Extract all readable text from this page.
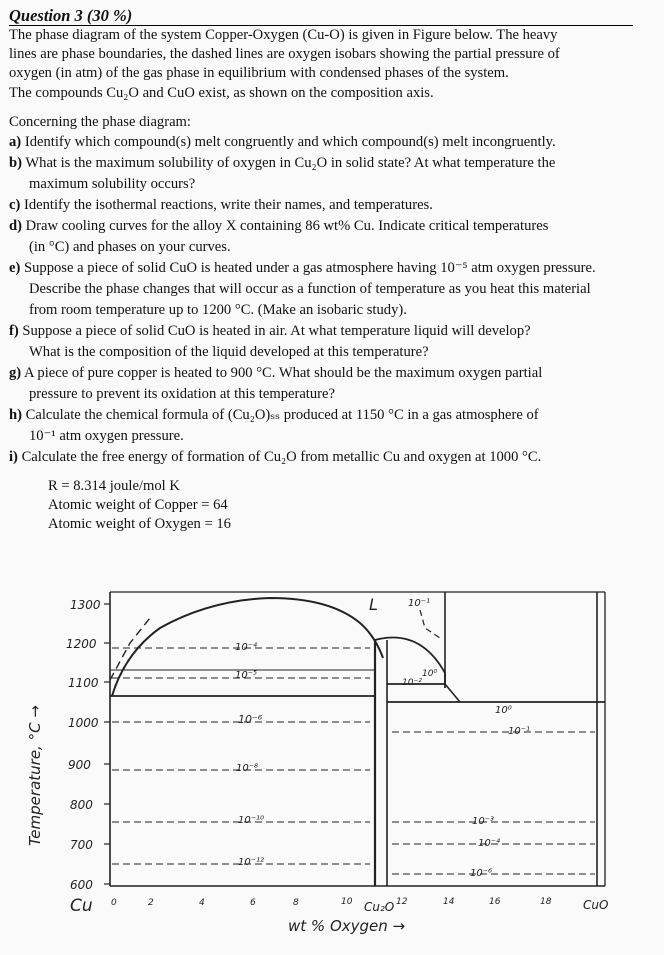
Question 3 (30 %)
The phase diagram of the system Copper-Oxygen (Cu-O) is given in Figure below. The heavy
lines are phase boundaries, the dashed lines are oxygen isobars showing the partial pressure of
oxygen (in atm) of the gas phase in equilibrium with condensed phases of the system.
The compounds Cu₂O and CuO exist, as shown on the composition axis.
Concerning the phase diagram:
a) Identify which compound(s) melt congruently and which compound(s) melt incongruently.
b) What is the maximum solubility of oxygen in Cu₂O in solid state? At what temperature the
maximum solubility occurs?
c) Identify the isothermal reactions, write their names, and temperatures.
d) Draw cooling curves for the alloy X containing 86 wt% Cu. Indicate critical temperatures
(in °C) and phases on your curves.
e) Suppose a piece of solid CuO is heated under a gas atmosphere having 10⁻⁵ atm oxygen pressure.
Describe the phase changes that will occur as a function of temperature as you heat this material
from room temperature up to 1200 °C. (Make an isobaric study).
f) Suppose a piece of solid CuO is heated in air. At what temperature liquid will develop?
What is the composition of the liquid developed at this temperature?
g) A piece of pure copper is heated to 900 °C. What should be the maximum oxygen partial
pressure to prevent its oxidation at this temperature?
h) Calculate the chemical formula of (Cu₂O)ₛₛ produced at 1150 °C in a gas atmosphere of
10⁻¹ atm oxygen pressure.
i) Calculate the free energy of formation of Cu₂O from metallic Cu and oxygen at 1000 °C.
R = 8.314 joule/mol K
Atomic weight of Copper = 64
Atomic weight of Oxygen = 16
1300
1200
1100
1000
900
800
700
600
Cu 0	2	4	6	8	10 Cu₂O 12	14	16	18	CuO
wt % Oxygen →
Temperature, °C →
L	10⁻¹
10⁻⁴
10⁻⁵
10⁻⁶
10⁻⁸
10⁻¹⁰
10⁻¹²
10⁻²
10⁰
10⁰
10⁻¹
10⁻³
10⁻⁴
10⁻⁶
